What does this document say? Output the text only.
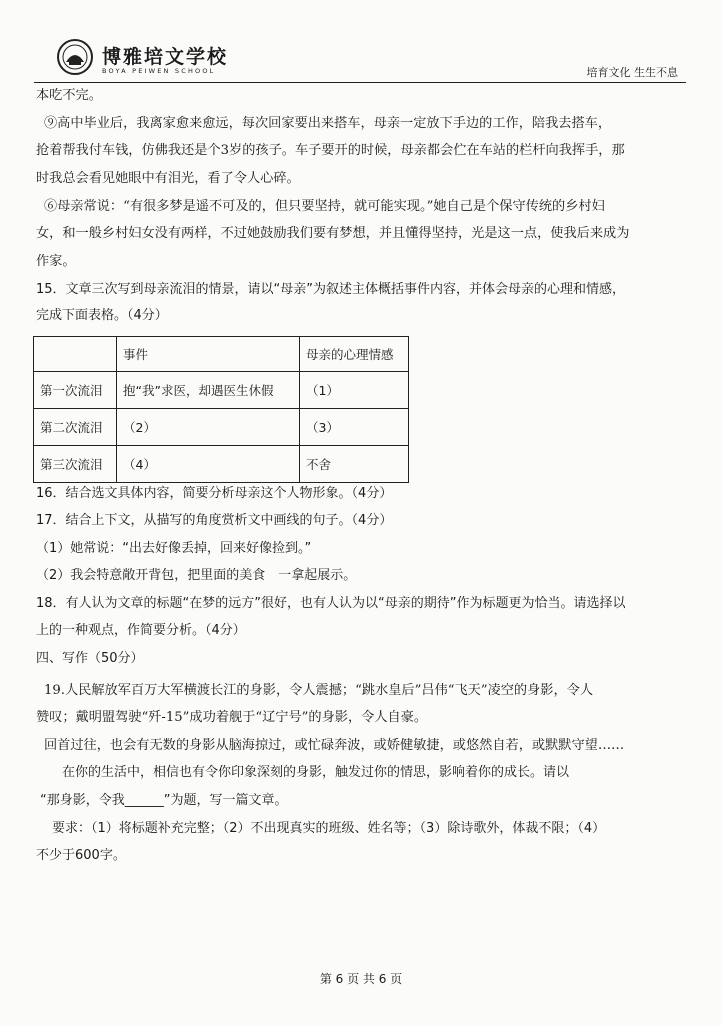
博雅培文学校
BOYA PEIWEN SCHOOL	培育文化 生生不息
本吃不完。
⑨高中毕业后，我离家愈来愈远，每次回家要出来搭车，母亲一定放下手边的工作，陪我去搭车，
抢着帮我付车钱，仿佛我还是个3岁的孩子。车子要开的时候，母亲都会伫在车站的栏杆向我挥手，那
时我总会看见她眼中有泪光，看了令人心碎。
⑥母亲常说：“有很多梦是遥不可及的，但只要坚持，就可能实现。”她自己是个保守传统的乡村妇
女，和一般乡村妇女没有两样，不过她鼓励我们要有梦想，并且懂得坚持，光是这一点，使我后来成为
作家。
15．文章三次写到母亲流泪的情景，请以“母亲”为叙述主体概括事件内容，并体会母亲的心理和情感，
完成下面表格。（4分）
	事件	母亲的心理情感
第一次流泪	抱“我”求医，却遇医生休假	（1）
第二次流泪	（2）	（3）
第三次流泪	（4）	不舍
16．结合选文具体内容，简要分析母亲这个人物形象。（4分）
17．结合上下文，从描写的角度赏析文中画线的句子。（4分）
（1）她常说：“出去好像丢掉，回来好像捡到。”
（2）我会特意敞开背包，把里面的美食　一拿起展示。
18．有人认为文章的标题“在梦的远方”很好，也有人认为以“母亲的期待”作为标题更为恰当。请选择以
上的一种观点，作简要分析。（4分）
四、写作（50分）
19.人民解放军百万大军横渡长江的身影，令人震撼；“跳水皇后”吕伟“飞天”凌空的身影，令人
赞叹；戴明盟驾驶“歼-15”成功着舰于“辽宁号”的身影，令人自豪。
回首过往，也会有无数的身影从脑海掠过，或忙碌奔波，或娇健敏捷，或悠然自若，或默默守望……
在你的生活中，相信也有令你印象深刻的身影，触发过你的情思，影响着你的成长。请以
“那身影，令我______”为题，写一篇文章。
要求：（1）将标题补充完整；（2）不出现真实的班级、姓名等；（3）除诗歌外，体裁不限；（4）
不少于600字。
第 6 页 共 6 页
